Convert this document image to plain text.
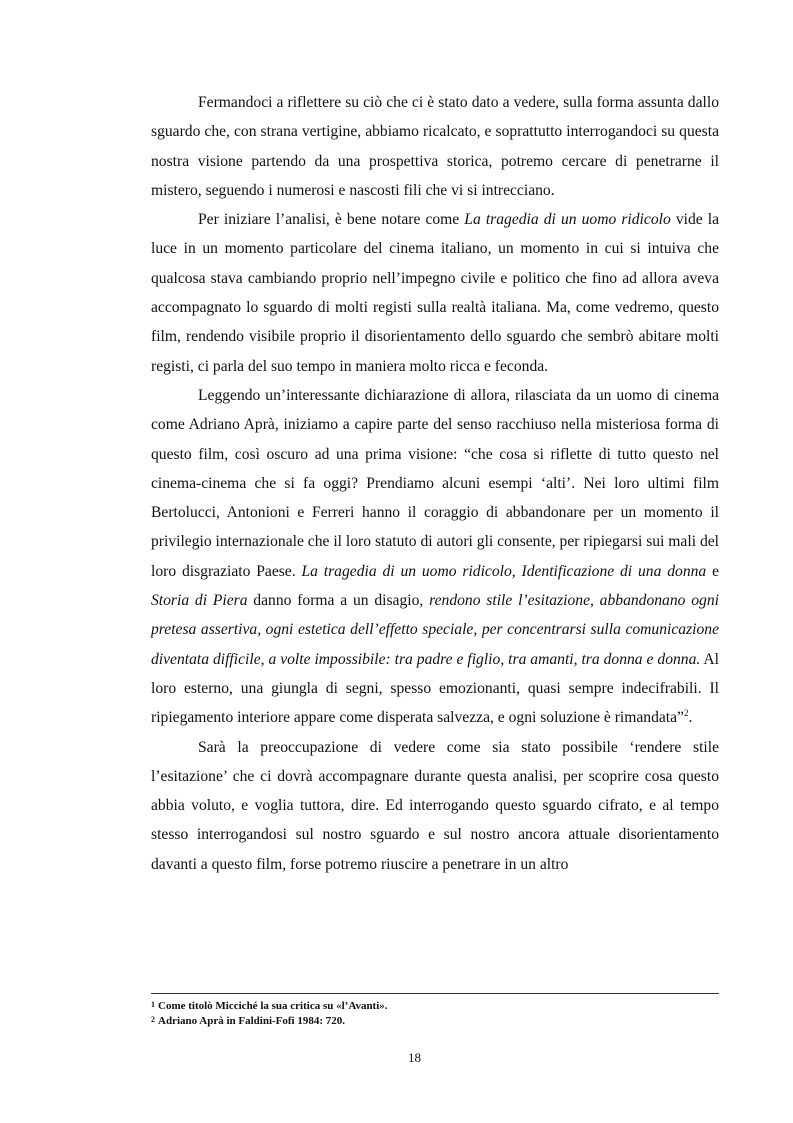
Fermandoci a riflettere su ciò che ci è stato dato a vedere, sulla forma assunta dallo sguardo che, con strana vertigine, abbiamo ricalcato, e soprattutto interrogandoci su questa nostra visione partendo da una prospettiva storica, potremo cercare di penetrarne il mistero, seguendo i numerosi e nascosti fili che vi si intrecciano.

Per iniziare l’analisi, è bene notare come La tragedia di un uomo ridicolo vide la luce in un momento particolare del cinema italiano, un momento in cui si intuiva che qualcosa stava cambiando proprio nell’impegno civile e politico che fino ad allora aveva accompagnato lo sguardo di molti registi sulla realtà italiana. Ma, come vedremo, questo film, rendendo visibile proprio il disorientamento dello sguardo che sembrò abitare molti registi, ci parla del suo tempo in maniera molto ricca e feconda.

Leggendo un’interessante dichiarazione di allora, rilasciata da un uomo di cinema come Adriano Aprà, iniziamo a capire parte del senso racchiuso nella misteriosa forma di questo film, così oscuro ad una prima visione: “che cosa si riflette di tutto questo nel cinema-cinema che si fa oggi? Prendiamo alcuni esempi ‘alti’. Nei loro ultimi film Bertolucci, Antonioni e Ferreri hanno il coraggio di abbandonare per un momento il privilegio internazionale che il loro statuto di autori gli consente, per ripiegarsi sui mali del loro disgraziato Paese. La tragedia di un uomo ridicolo, Identificazione di una donna e Storia di Piera danno forma a un disagio, rendono stile l’esitazione, abbandonano ogni pretesa assertiva, ogni estetica dell’effetto speciale, per concentrarsi sulla comunicazione diventata difficile, a volte impossibile: tra padre e figlio, tra amanti, tra donna e donna. Al loro esterno, una giungla di segni, spesso emozionanti, quasi sempre indecifrabili. Il ripiegamento interiore appare come disperata salvezza, e ogni soluzione è rimandata”$^2$.

Sarà la preoccupazione di vedere come sia stato possibile ‘rendere stile l’esitazione’ che ci dovrà accompagnare durante questa analisi, per scoprire cosa questo abbia voluto, e voglia tuttora, dire. Ed interrogando questo sguardo cifrato, e al tempo stesso interrogandosi sul nostro sguardo e sul nostro ancora attuale disorientamento davanti a questo film, forse potremo riuscire a penetrare in un altro

1 Come titolò Micciché la sua critica su «l’Avanti».
2 Adriano Aprà in Faldini-Fofi 1984: 720.
18
